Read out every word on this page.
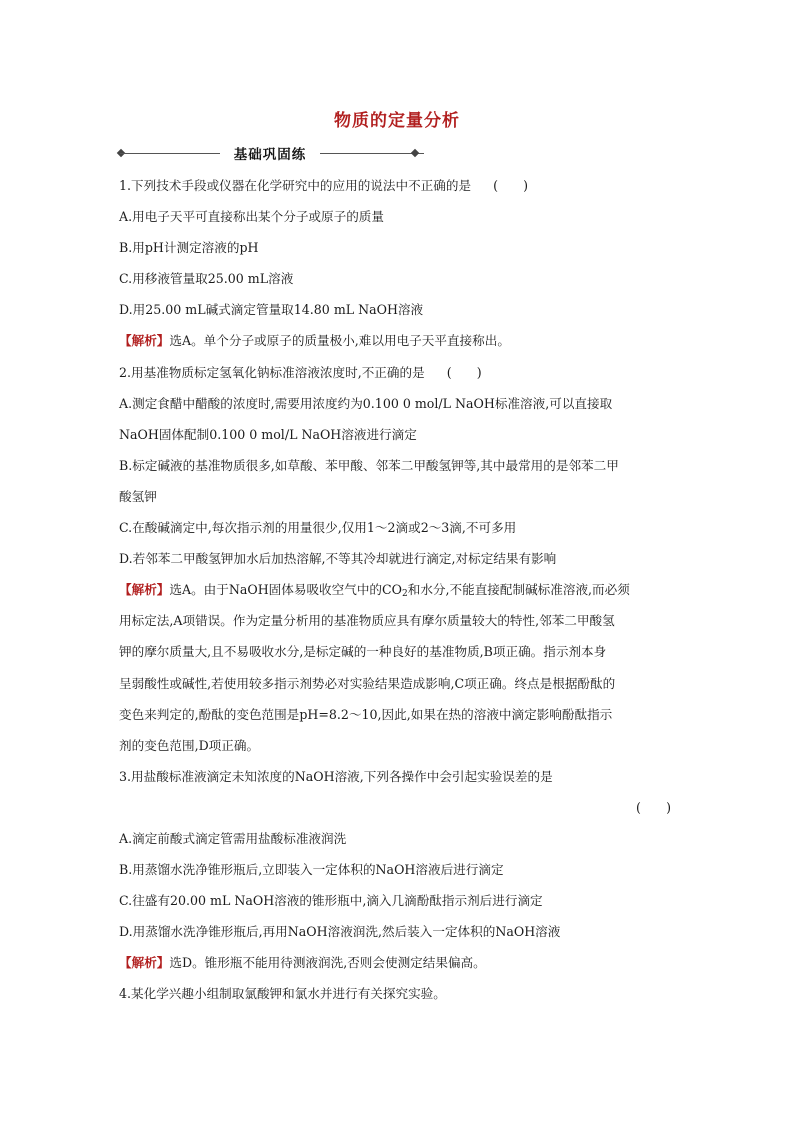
物质的定量分析
基础巩固练

1.下列技术手段或仪器在化学研究中的应用的说法中不正确的是 (　　)

A.用电子天平可直接称出某个分子或原子的质量

B.用pH计测定溶液的pH

C.用移液管量取25.00 mL溶液

D.用25.00 mL碱式滴定管量取14.80 mL NaOH溶液

【解析】选A。单个分子或原子的质量极小,难以用电子天平直接称出。

2.用基准物质标定氢氧化钠标准溶液浓度时,不正确的是 (　　)

A.测定食醋中醋酸的浓度时,需要用浓度约为0.100 0 mol/L NaOH标准溶液,可以直接取

NaOH固体配制0.100 0 mol/L NaOH溶液进行滴定

B.标定碱液的基准物质很多,如草酸、苯甲酸、邻苯二甲酸氢钾等,其中最常用的是邻苯二甲

酸氢钾

C.在酸碱滴定中,每次指示剂的用量很少,仅用1～2滴或2～3滴,不可多用

D.若邻苯二甲酸氢钾加水后加热溶解,不等其冷却就进行滴定,对标定结果有影响

【解析】选A。由于NaOH固体易吸收空气中的$CO_2$和水分,不能直接配制碱标准溶液,而必须

用标定法,A项错误。作为定量分析用的基准物质应具有摩尔质量较大的特性,邻苯二甲酸氢

钾的摩尔质量大,且不易吸收水分,是标定碱的一种良好的基准物质,B项正确。指示剂本身

呈弱酸性或碱性,若使用较多指示剂势必对实验结果造成影响,C项正确。终点是根据酚酞的

变色来判定的,酚酞的变色范围是pH=8.2～10,因此,如果在热的溶液中滴定影响酚酞指示

剂的变色范围,D项正确。

3.用盐酸标准液滴定未知浓度的NaOH溶液,下列各操作中会引起实验误差的是

(　　)

A.滴定前酸式滴定管需用盐酸标准液润洗

B.用蒸馏水洗净锥形瓶后,立即装入一定体积的NaOH溶液后进行滴定

C.往盛有20.00 mL NaOH溶液的锥形瓶中,滴入几滴酚酞指示剂后进行滴定

D.用蒸馏水洗净锥形瓶后,再用NaOH溶液润洗,然后装入一定体积的NaOH溶液

【解析】选D。锥形瓶不能用待测液润洗,否则会使测定结果偏高。

4.某化学兴趣小组制取氯酸钾和氯水并进行有关探究实验。
